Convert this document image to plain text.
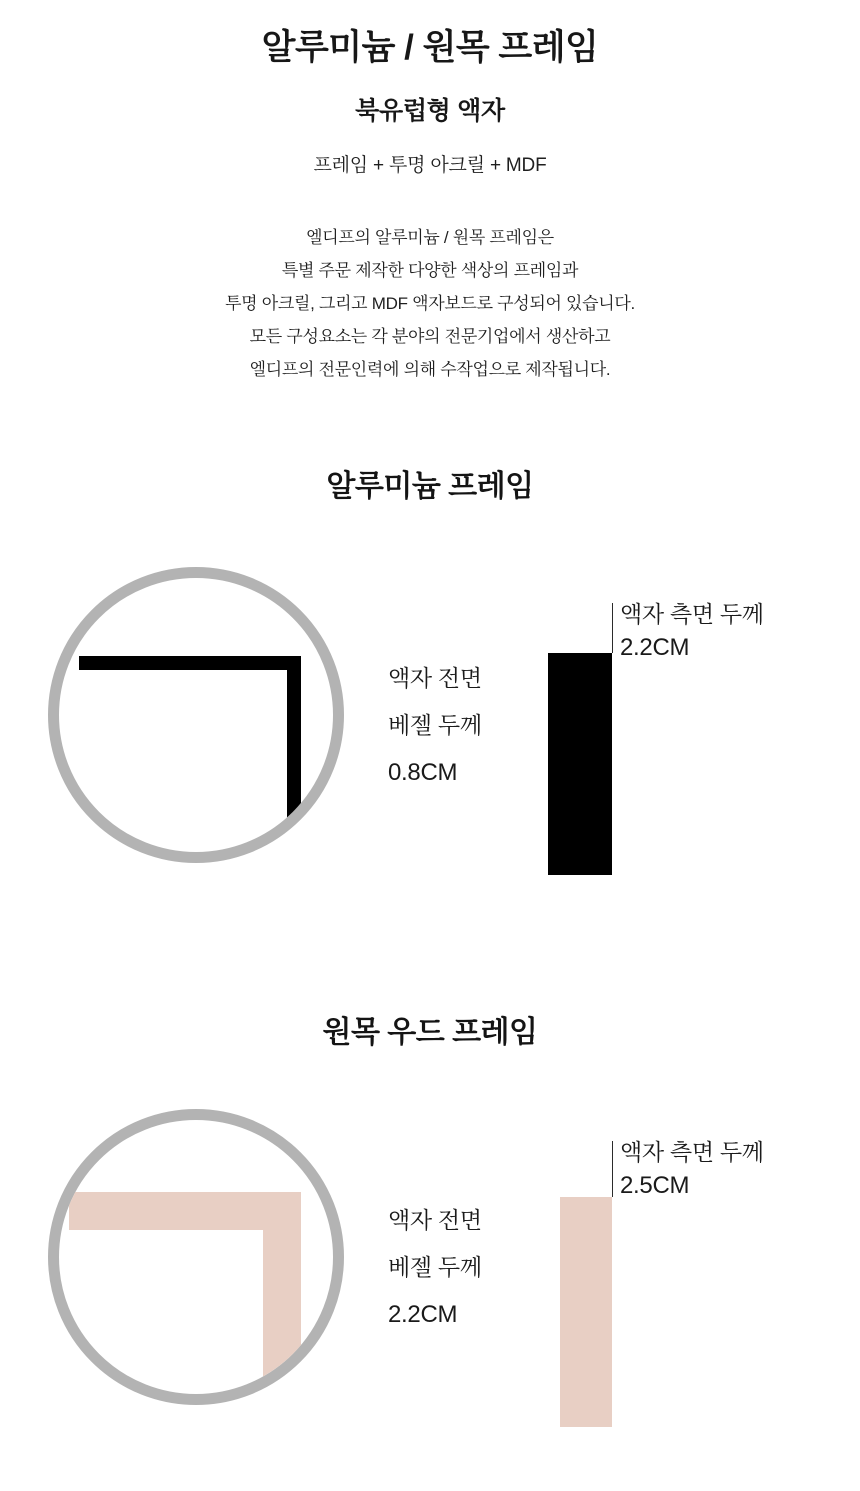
알루미늄 / 원목 프레임
북유럽형 액자
프레임 + 투명 아크릴 + MDF
엘디프의 알루미늄 / 원목 프레임은
특별 주문 제작한 다양한 색상의 프레임과
투명 아크릴, 그리고 MDF 액자보드로 구성되어 있습니다.
모든 구성요소는 각 분야의 전문기업에서 생산하고
엘디프의 전문인력에 의해 수작업으로 제작됩니다.
알루미늄 프레임
액자 전면
베젤 두께
0.8CM
액자 측면 두께
2.2CM
원목 우드 프레임
액자 전면
베젤 두께
2.2CM
액자 측면 두께
2.5CM
